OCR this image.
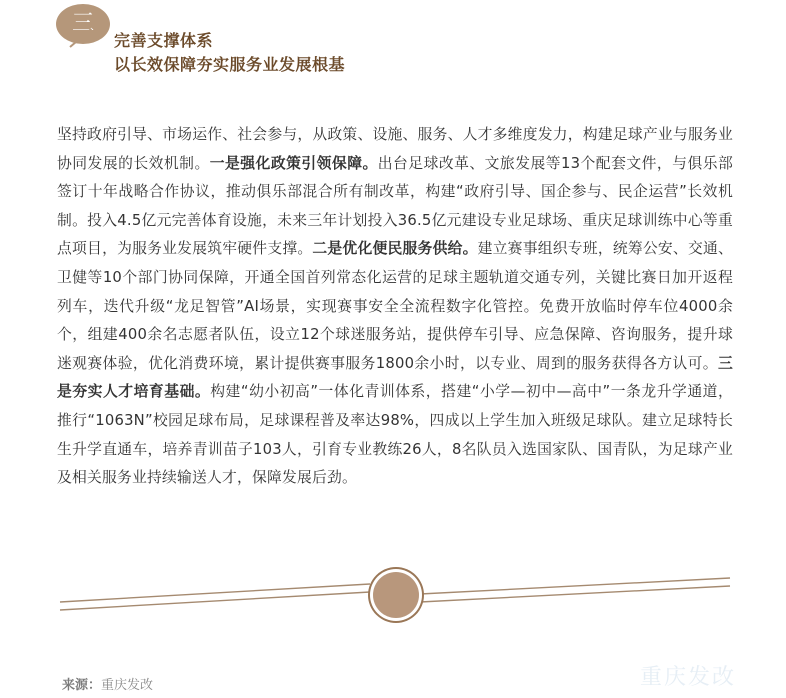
三
完善支撑体系
以长效保障夯实服务业发展根基
坚持政府引导、市场运作、社会参与，从政策、设施、服务、人才多维度发力，构建足球产业与服务业协同发展的长效机制。一是强化政策引领保障。出台足球改革、文旅发展等13个配套文件，与俱乐部签订十年战略合作协议，推动俱乐部混合所有制改革，构建“政府引导、国企参与、民企运营”长效机制。投入4.5亿元完善体育设施，未来三年计划投入36.5亿元建设专业足球场、重庆足球训练中心等重点项目，为服务业发展筑牢硬件支撑。二是优化便民服务供给。建立赛事组织专班，统筹公安、交通、卫健等10个部门协同保障，开通全国首列常态化运营的足球主题轨道交通专列，关键比赛日加开返程列车，迭代升级“龙足智管”AI场景，实现赛事安全全流程数字化管控。免费开放临时停车位4000余个，组建400余名志愿者队伍，设立12个球迷服务站，提供停车引导、应急保障、咨询服务，提升球迷观赛体验，优化消费环境，累计提供赛事服务1800余小时，以专业、周到的服务获得各方认可。三是夯实人才培育基础。构建“幼小初高”一体化青训体系，搭建“小学—初中—高中”一条龙升学通道，推行“1063N”校园足球布局，足球课程普及率达98%，四成以上学生加入班级足球队。建立足球特长生升学直通车，培养青训苗子103人，引育专业教练26人，8名队员入选国家队、国青队，为足球产业及相关服务业持续输送人才，保障发展后劲。
来源：重庆发改	重庆发改
